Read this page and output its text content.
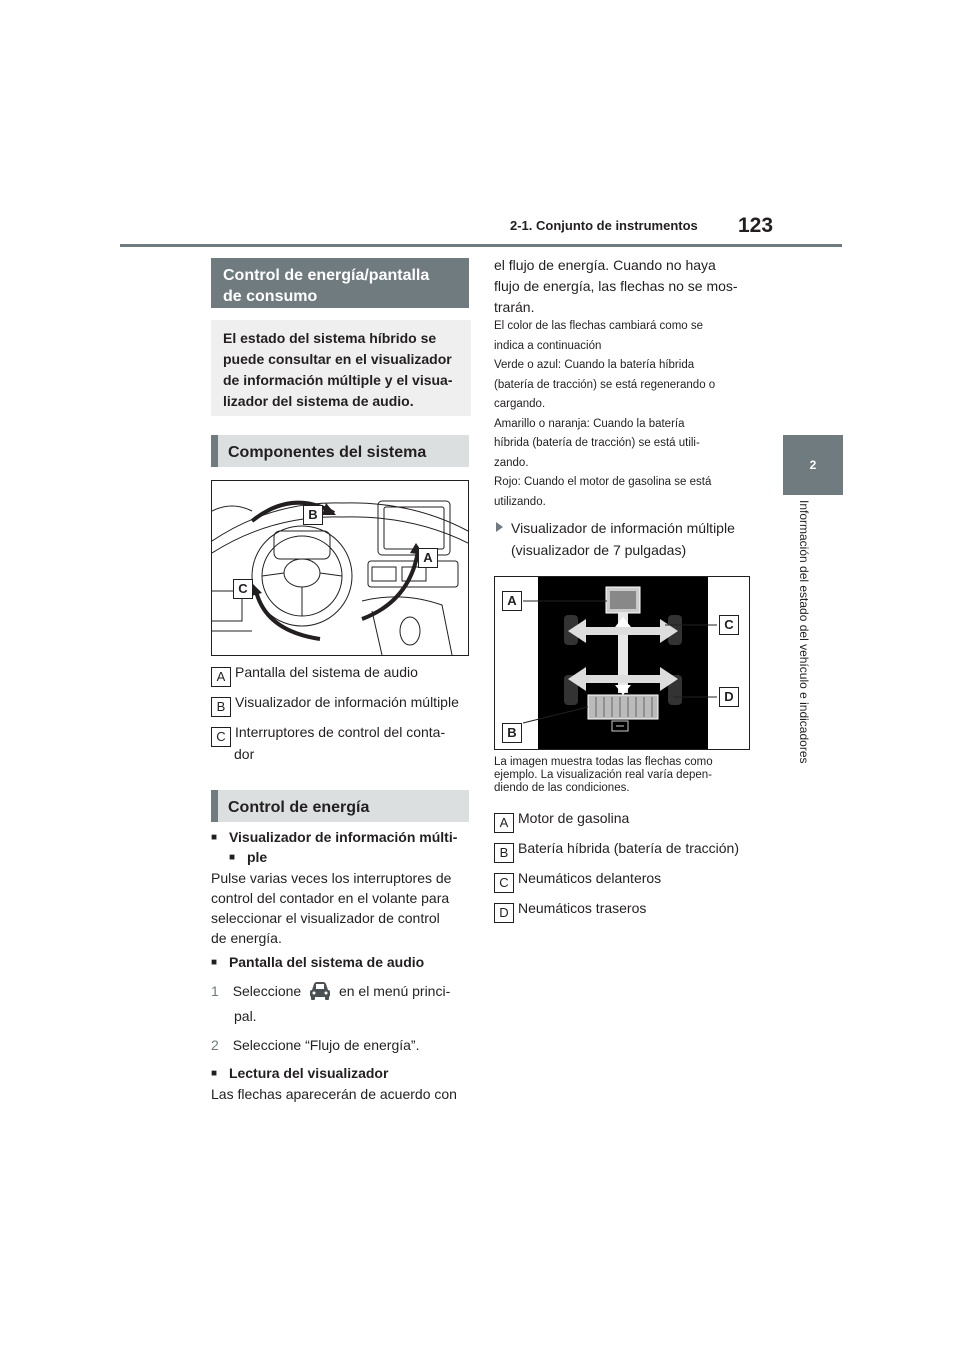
2-1. Conjunto de instrumentos 123
2
Información del estado del vehículo e indicadores
Control de energía/pantalla
de consumo
El estado del sistema híbrido se
puede consultar en el visualizador
de información múltiple y el visua-
lizador del sistema de audio.
Componentes del sistema
B
A
C
A Pantalla del sistema de audio
B Visualizador de información múltiple
C Interruptores de control del conta-
dor
Control de energía
■ Visualizador de información múlti-
■ ple
Pulse varias veces los interruptores de
control del contador en el volante para
seleccionar el visualizador de control
de energía.
■ Pantalla del sistema de audio
1 Seleccione	en el menú princi-
pal.
2 Seleccione “Flujo de energía”.
■ Lectura del visualizador
Las flechas aparecerán de acuerdo con
el flujo de energía. Cuando no haya
flujo de energía, las flechas no se mos-
trarán.
El color de las flechas cambiará como se
indica a continuación
Verde o azul: Cuando la batería híbrida
(batería de tracción) se está regenerando o
cargando.
Amarillo o naranja: Cuando la batería
híbrida (batería de tracción) se está utili-
zando.
Rojo: Cuando el motor de gasolina se está
utilizando.
Visualizador de información múltiple
(visualizador de 7 pulgadas)
A
B
C
D
La imagen muestra todas las flechas como
ejemplo. La visualización real varía depen-
diendo de las condiciones.
A Motor de gasolina
B Batería híbrida (batería de tracción)
C Neumáticos delanteros
D Neumáticos traseros
